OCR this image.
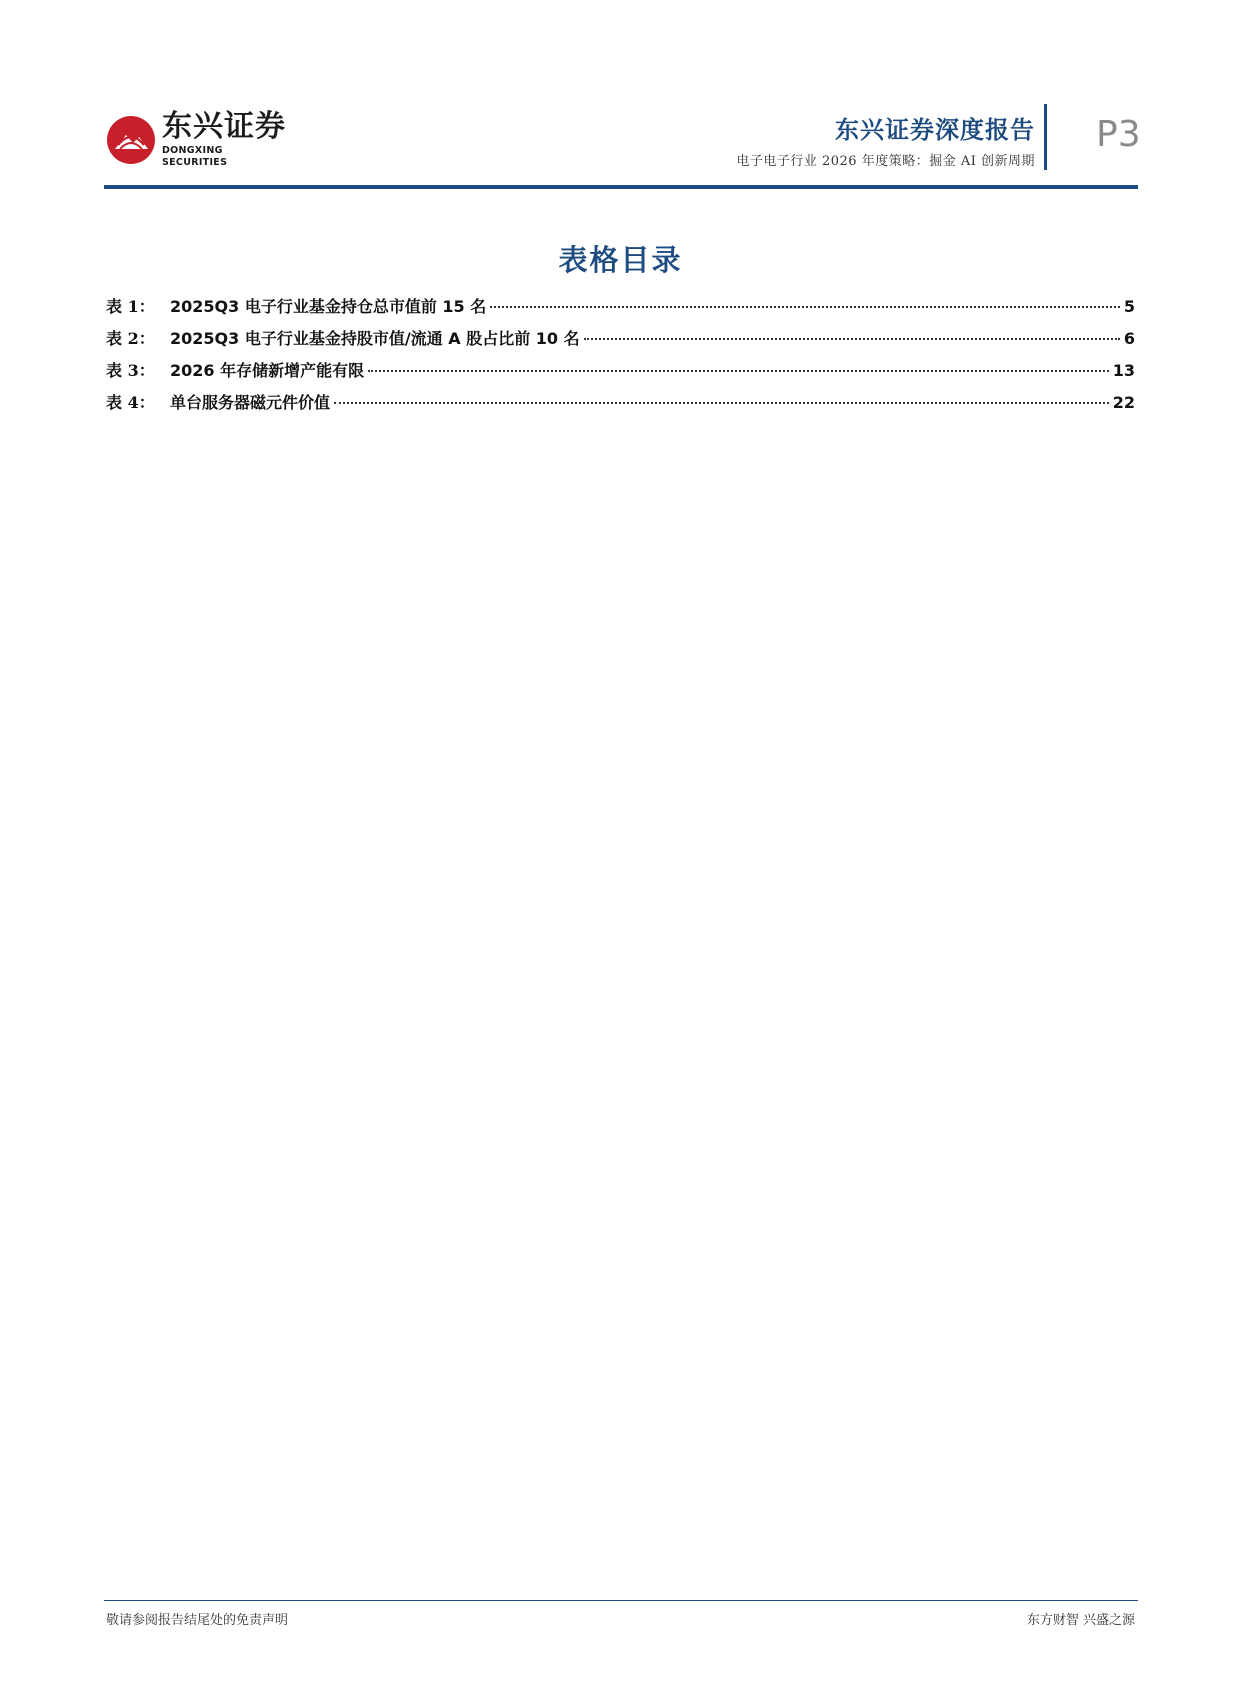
东兴证券
DONGXING SECURITIES
东兴证券深度报告
电子电子行业 2026 年度策略：掘金 AI 创新周期
P3
表格目录
表 1： 2025Q3 电子行业基金持仓总市值前 15 名	5
表 2： 2025Q3 电子行业基金持股市值/流通 A 股占比前 10 名	6
表 3： 2026 年存储新增产能有限	13
表 4： 单台服务器磁元件价值	22
敬请参阅报告结尾处的免责声明	东方财智 兴盛之源
